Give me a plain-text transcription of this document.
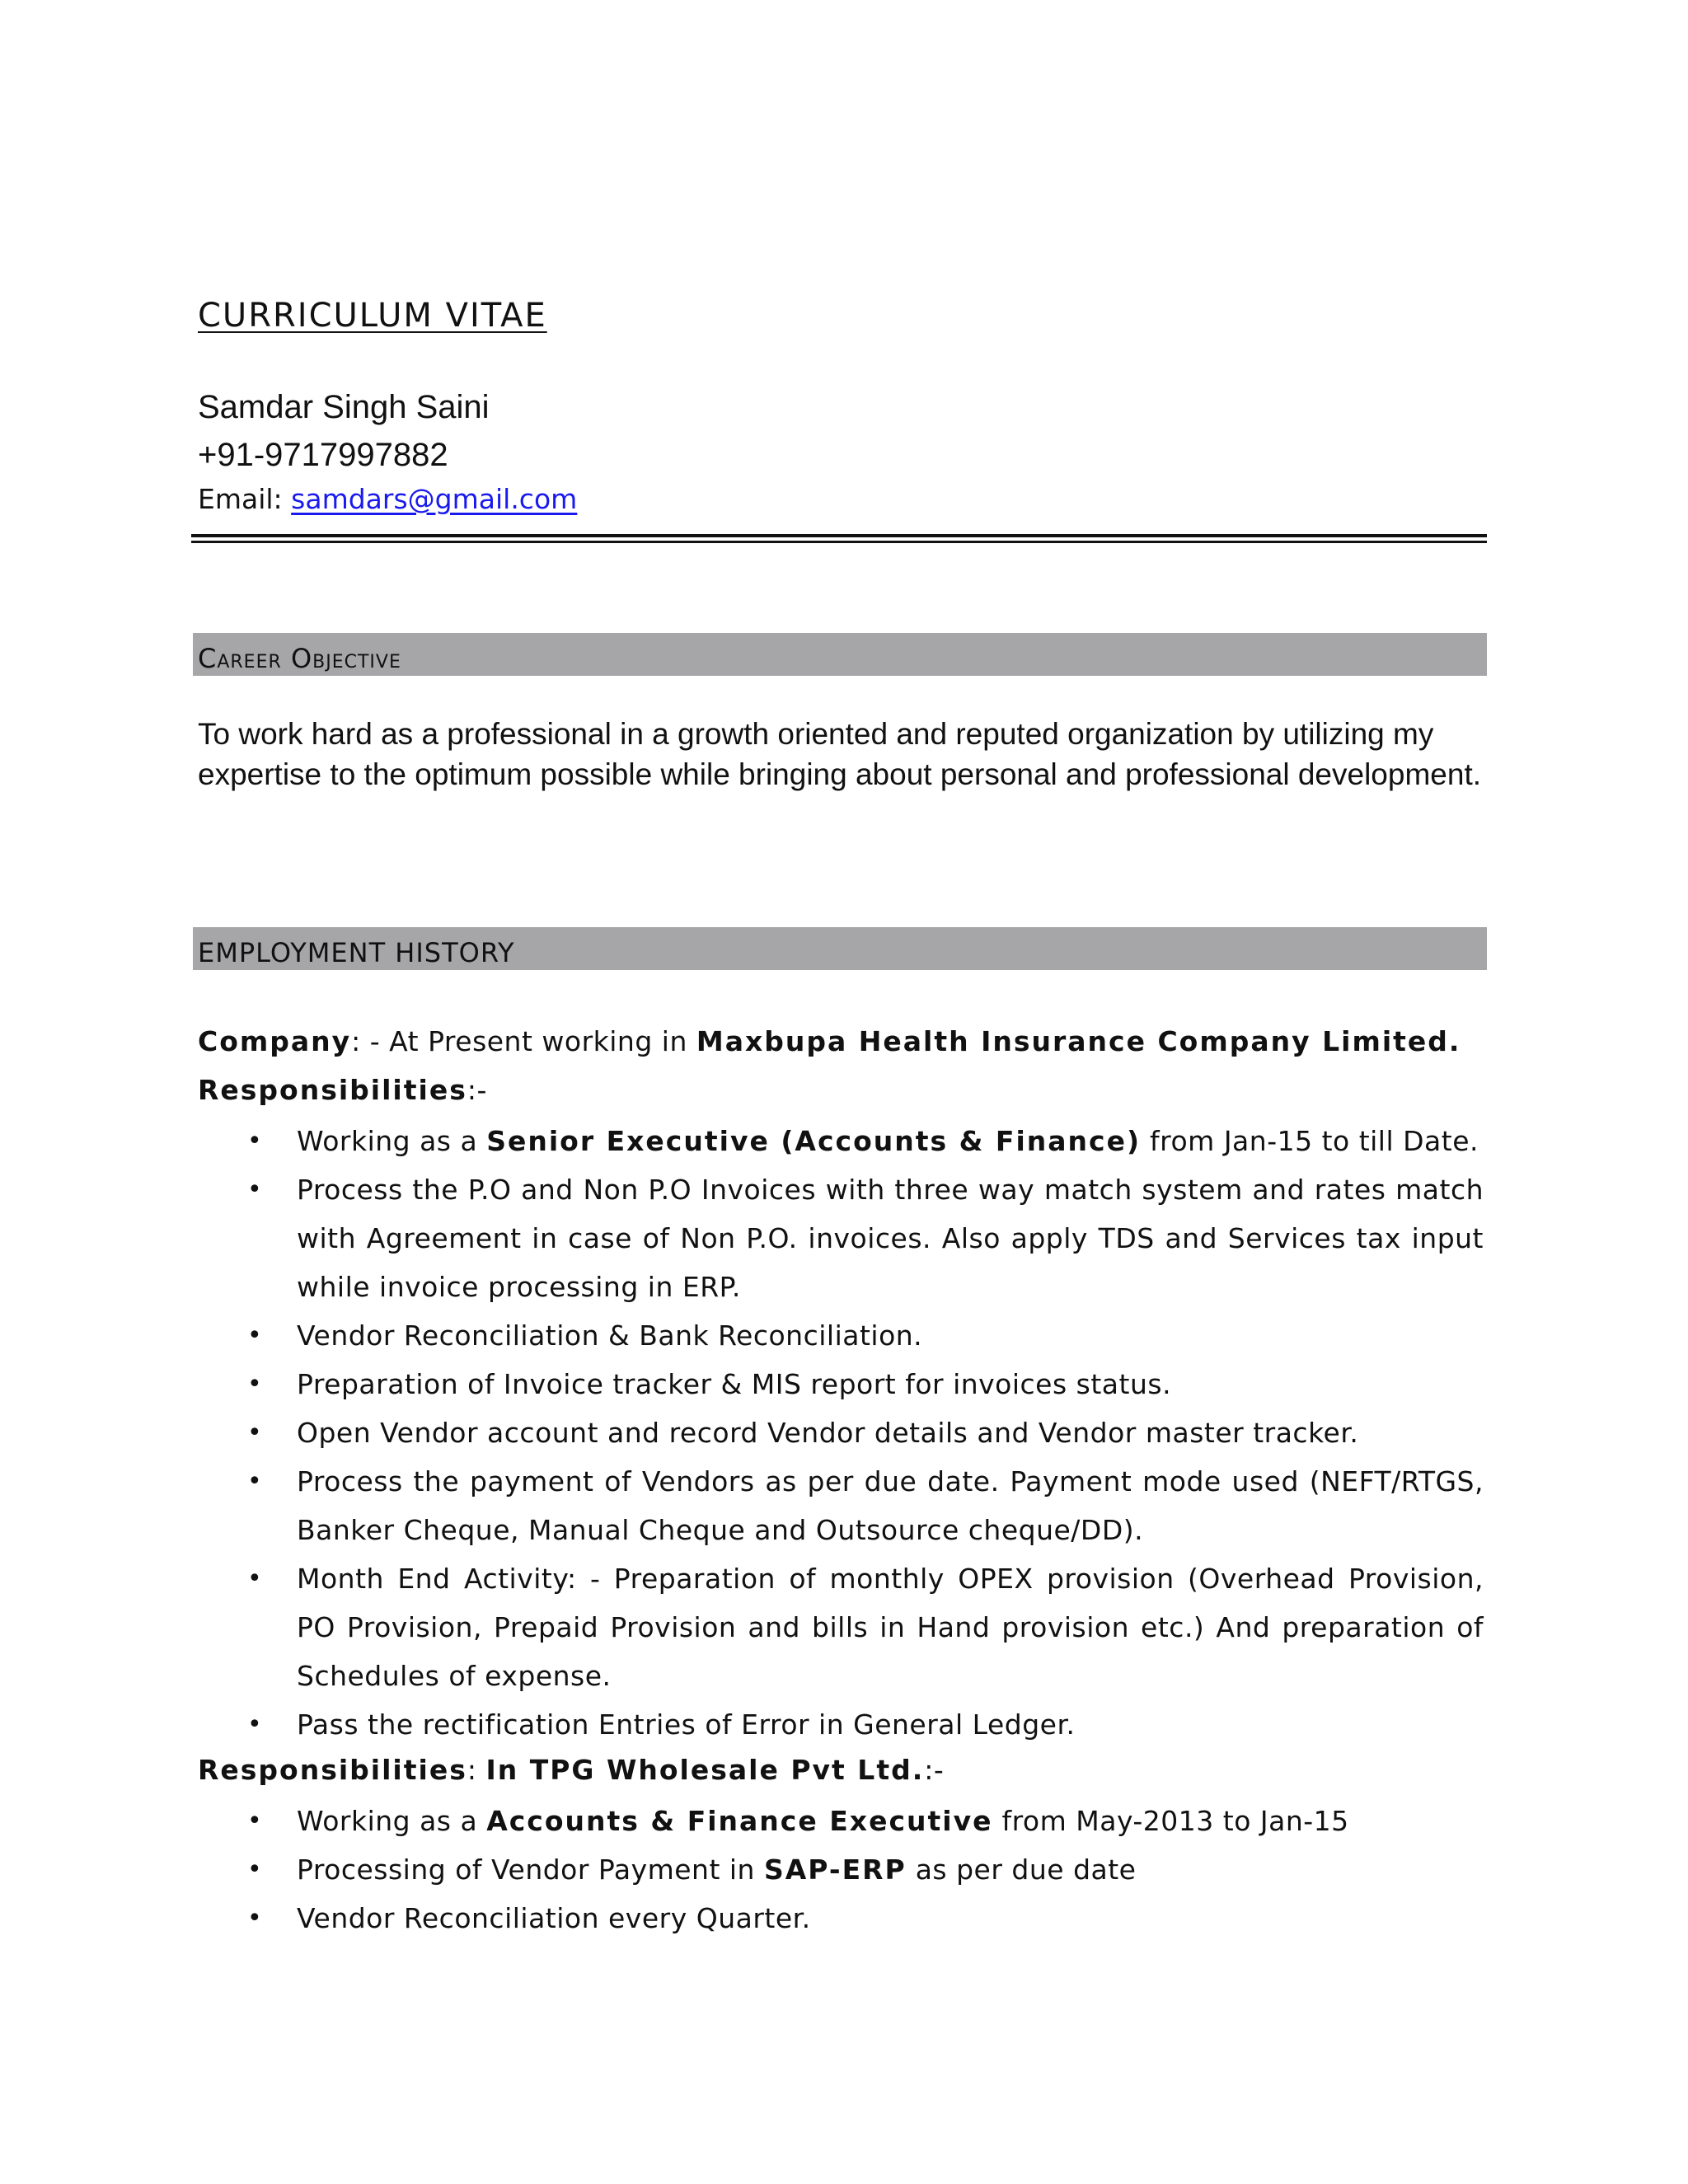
CURRICULUM VITAE
Samdar Singh Saini
+91-9717997882
Email: samdars@gmail.com
Career Objective
To work hard as a professional in a growth oriented and reputed organization by utilizing my expertise to the optimum possible while bringing about personal and professional development.
EMPLOYMENT HISTORY
Company: - At Present working in Maxbupa Health Insurance Company Limited.
Responsibilities:-
• Working as a Senior Executive (Accounts & Finance) from Jan-15 to till Date.
• Process the P.O and Non P.O Invoices with three way match system and rates match with Agreement in case of Non P.O. invoices. Also apply TDS and Services tax input while invoice processing in ERP.
• Vendor Reconciliation & Bank Reconciliation.
• Preparation of Invoice tracker & MIS report for invoices status.
• Open Vendor account and record Vendor details and Vendor master tracker.
• Process the payment of Vendors as per due date. Payment mode used (NEFT/RTGS, Banker Cheque, Manual Cheque and Outsource cheque/DD).
• Month End Activity: - Preparation of monthly OPEX provision (Overhead Provision, PO Provision, Prepaid Provision and bills in Hand provision etc.) And preparation of Schedules of expense.
• Pass the rectification Entries of Error in General Ledger.
Responsibilities: In TPG Wholesale Pvt Ltd.:-
• Working as a Accounts & Finance Executive from May-2013 to Jan-15
• Processing of Vendor Payment in SAP-ERP as per due date
• Vendor Reconciliation every Quarter.
